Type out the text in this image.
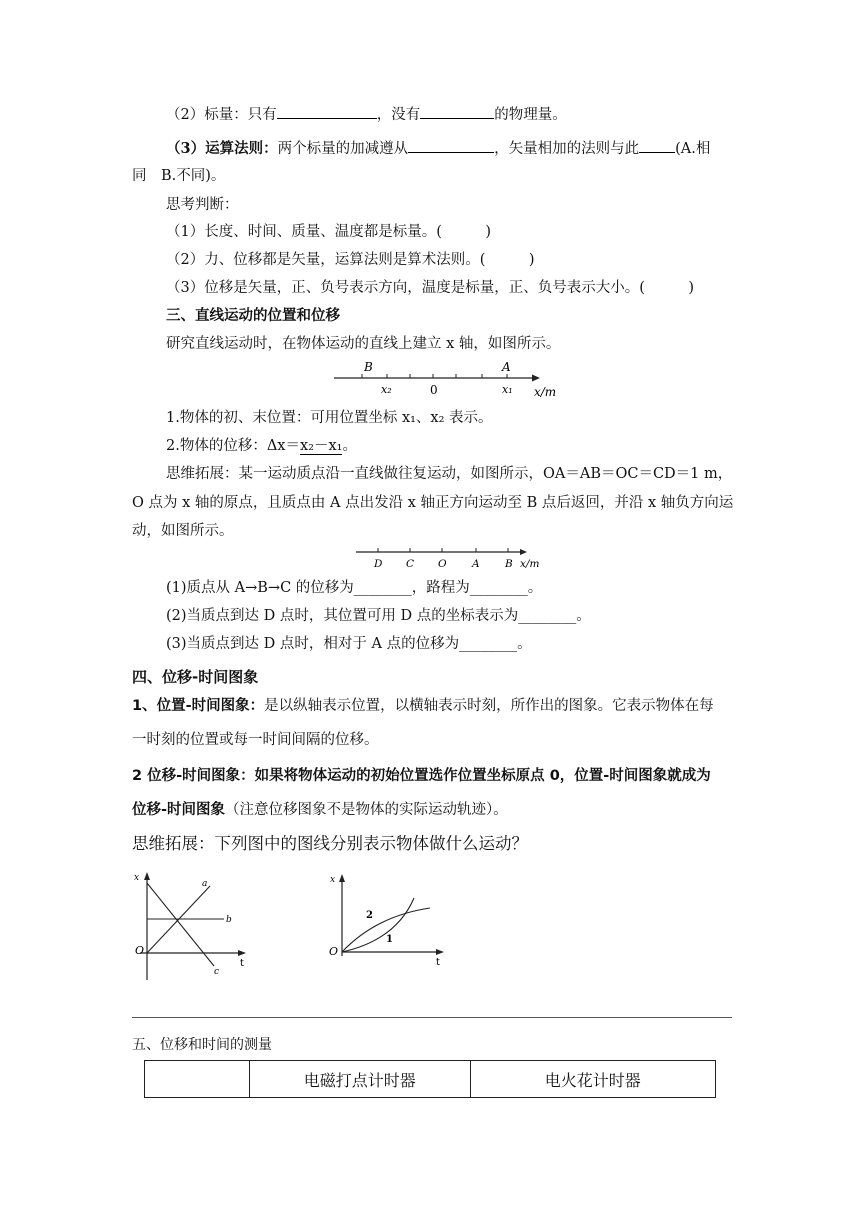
（2）标量：只有	，没有	的物理量。
（3）运算法则：两个标量的加减遵从	，矢量相加的法则与此 (A.相
同　B.不同)。
思考判断：
（1）长度、时间、质量、温度都是标量。(　　　)
（2）力、位移都是矢量，运算法则是算术法则。(　　　)
（3）位移是矢量，正、负号表示方向，温度是标量，正、负号表示大小。(　　　)
三、直线运动的位置和位移
研究直线运动时，在物体运动的直线上建立 x 轴，如图所示。
B	A
x₂	0	x₁ x/m
1.物体的初、末位置：可用位置坐标 x₁、x₂ 表示。
2.物体的位移：Δx＝x₂－x₁。
思维拓展：某一运动质点沿一直线做往复运动，如图所示，OA＝AB＝OC＝CD＝1 m，
O 点为 x 轴的原点，且质点由 A 点出发沿 x 轴正方向运动至 B 点后返回，并沿 x 轴负方向运
动，如图所示。
D C O A B x/m
(1)质点从 A→B→C 的位移为________，路程为________。
(2)当质点到达 D 点时，其位置可用 D 点的坐标表示为________。
(3)当质点到达 D 点时，相对于 A 点的位移为________。
四、位移-时间图象
1、位置-时间图象：是以纵轴表示位置，以横轴表示时刻，所作出的图象。它表示物体在每
一时刻的位置或每一时间间隔的位移。
2 位移-时间图象：如果将物体运动的初始位置选作位置坐标原点 0，位置-时间图象就成为
位移-时间图象（注意位移图象不是物体的实际运动轨迹）。
思维拓展：下列图中的图线分别表示物体做什么运动？
x
O
t
a
b
c
x
O
t
1
2
五、位移和时间的测量
	电磁打点计时器	电火花计时器
